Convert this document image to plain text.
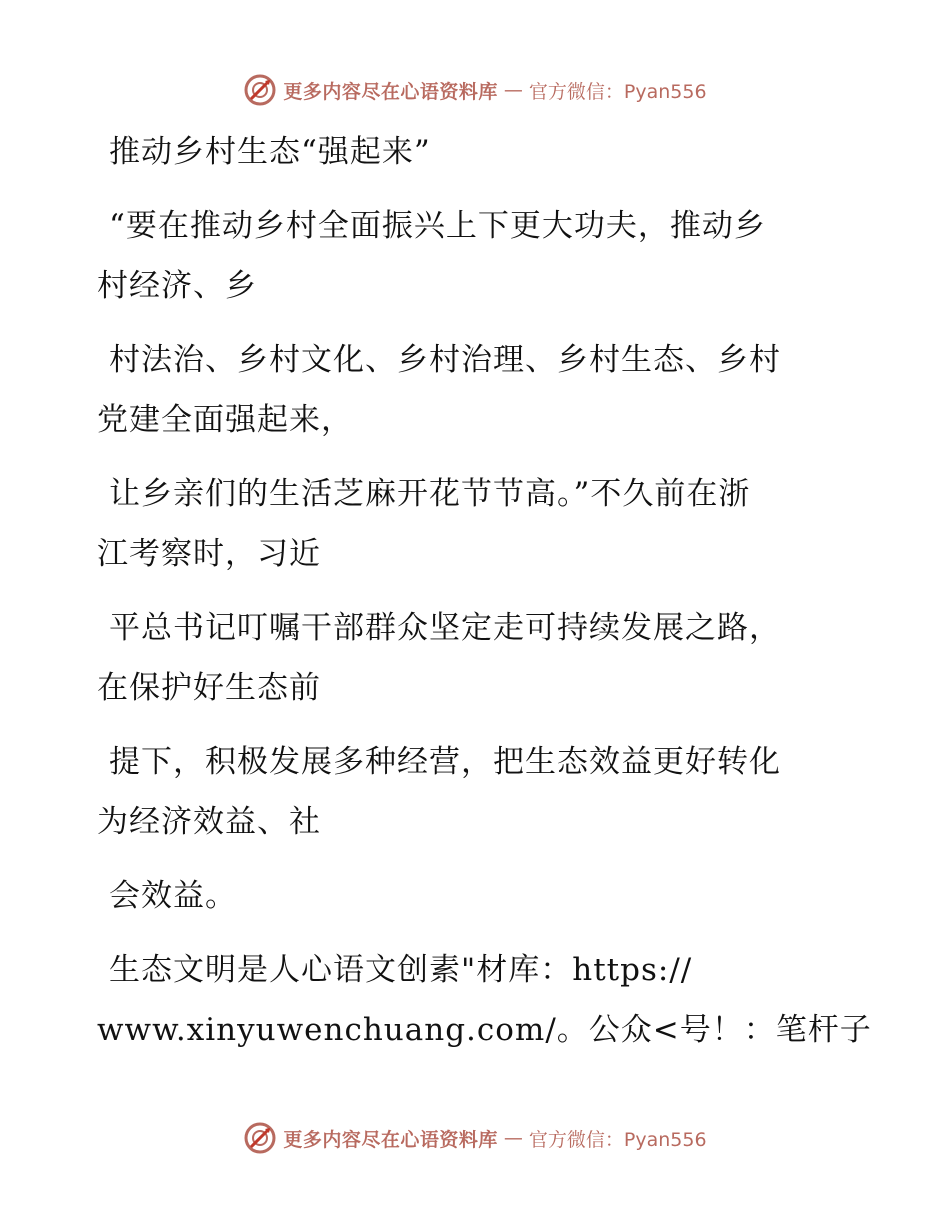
更多内容尽在心语资料库 — 官方微信：Pyan556
推动乡村生态“强起来”
“要在推动乡村全面振兴上下更大功夫，推动乡
村经济、乡
村法治、乡村文化、乡村治理、乡村生态、乡村
党建全面强起来，
让乡亲们的生活芝麻开花节节高。”不久前在浙
江考察时，习近
平总书记叮嘱干部群众坚定走可持续发展之路，
在保护好生态前
提下，积极发展多种经营，把生态效益更好转化
为经济效益、社
会效益。
生态文明是人心语文创素"材库：https://
www.xinyuwenchuang.com/。公众<号！：笔杆子
更多内容尽在心语资料库 — 官方微信：Pyan556
